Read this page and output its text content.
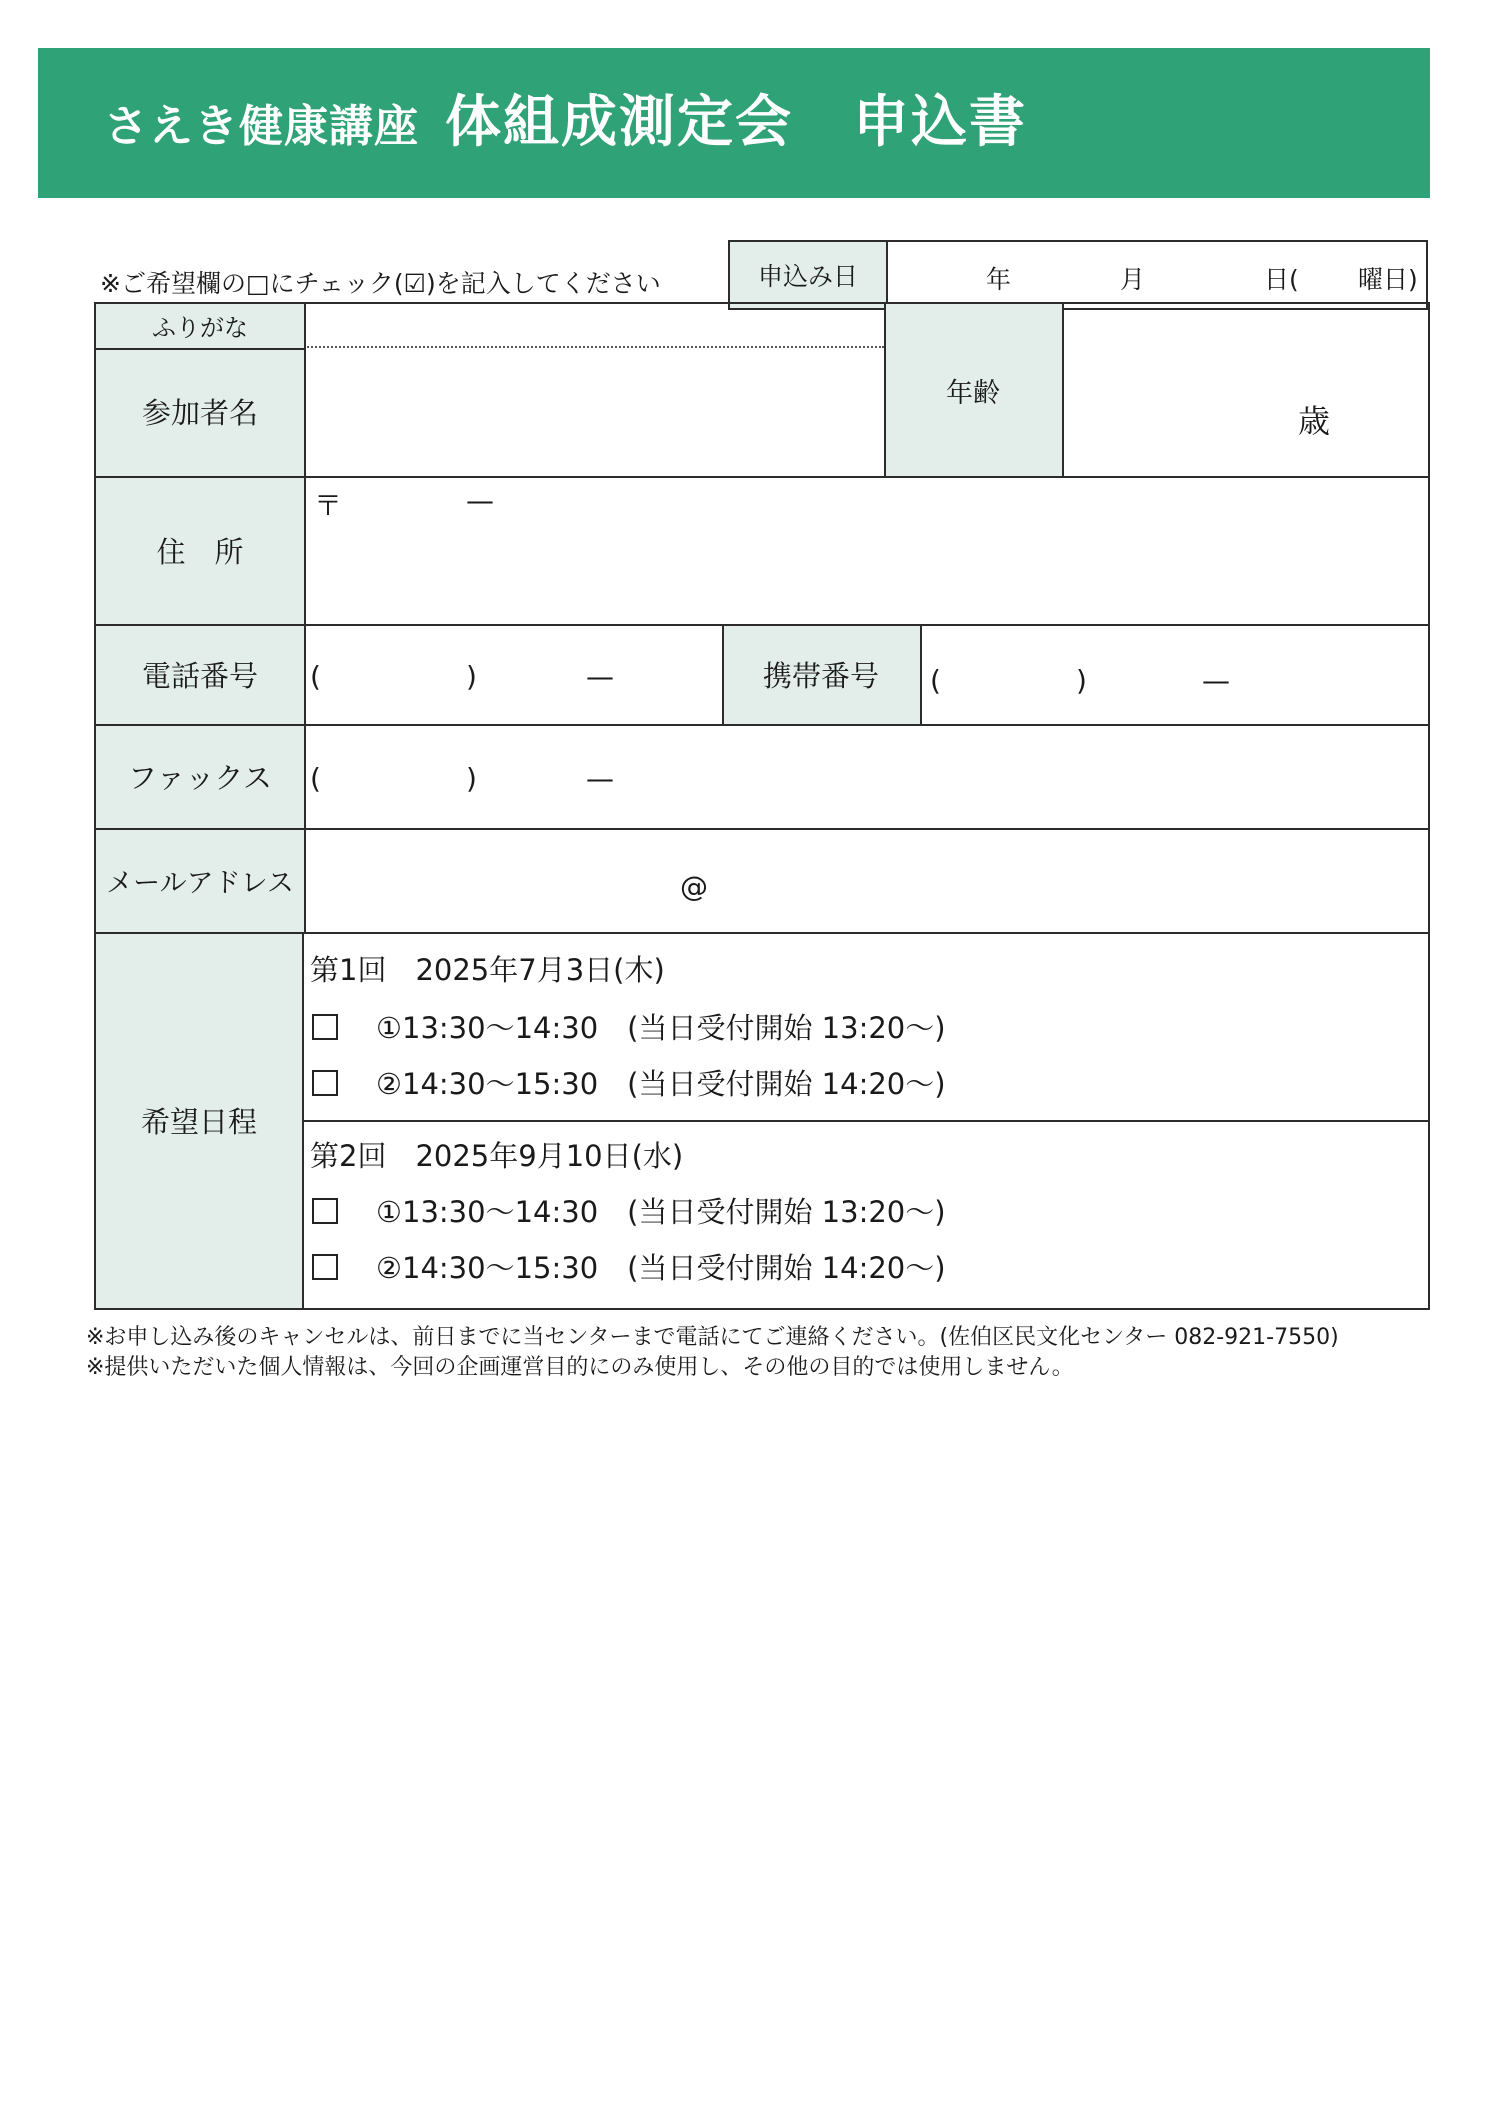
さえき健康講座 体組成測定会 申込書
※ご希望欄の□にチェック(☑)を記入してください	申込み日	年	月	日( 曜日)
ふりがな
参加者名
年齢
歳
住　所
〒	—
電話番号	(	)	—	携帯番号	(	)	—
ファックス	(	)	—
メールアドレス	@
希望日程
第1回　2025年7月3日(木)
①13:30〜14:30　(当日受付開始 13:20〜)
②14:30〜15:30　(当日受付開始 14:20〜)
第2回　2025年9月10日(水)
①13:30〜14:30　(当日受付開始 13:20〜)
②14:30〜15:30　(当日受付開始 14:20〜)
※お申し込み後のキャンセルは、前日までに当センターまで電話にてご連絡ください。(佐伯区民文化センター 082-921-7550)
※提供いただいた個人情報は、今回の企画運営目的にのみ使用し、その他の目的では使用しません。
